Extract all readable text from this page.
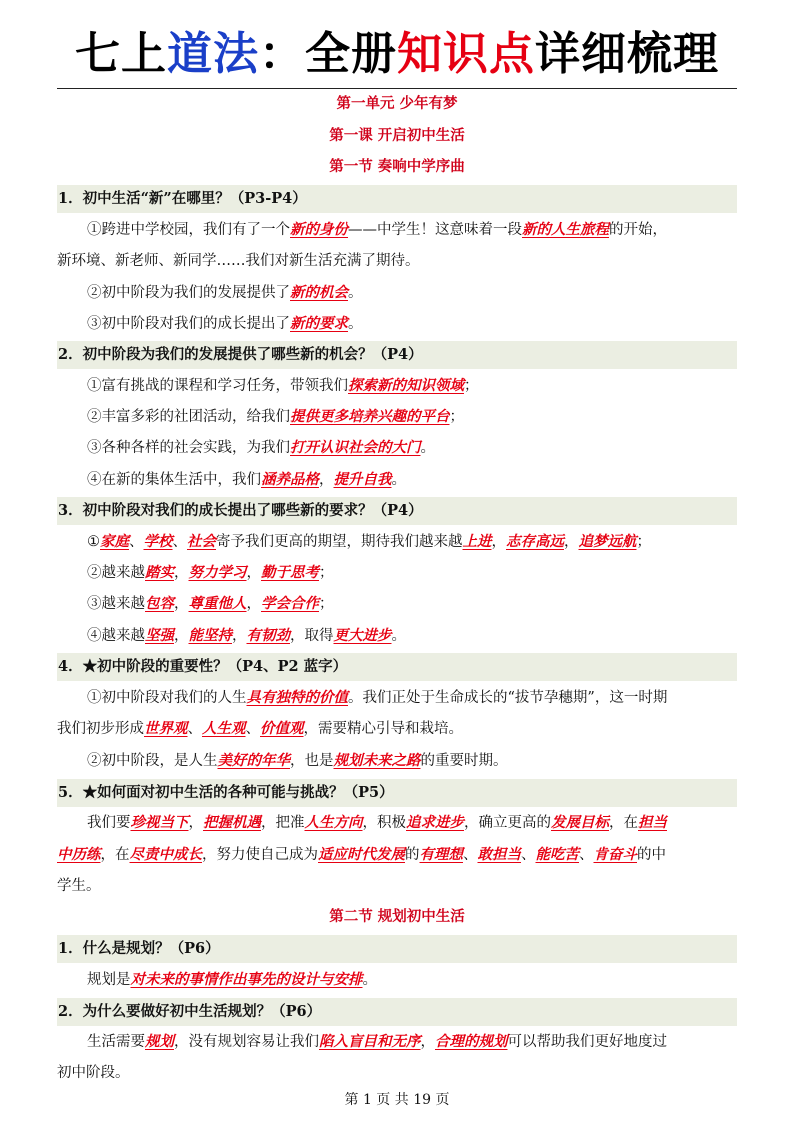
七上道法：全册知识点详细梳理
第一单元 少年有梦
第一课 开启初中生活
第一节 奏响中学序曲
1．初中生活“新”在哪里？（P3-P4）
①跨进中学校园，我们有了一个新的身份——中学生！这意味着一段新的人生旅程的开始，
新环境、新老师、新同学……我们对新生活充满了期待。
②初中阶段为我们的发展提供了新的机会。
③初中阶段对我们的成长提出了新的要求。
2．初中阶段为我们的发展提供了哪些新的机会？（P4）
①富有挑战的课程和学习任务，带领我们探索新的知识领域；
②丰富多彩的社团活动，给我们提供更多培养兴趣的平台；
③各种各样的社会实践，为我们打开认识社会的大门。
④在新的集体生活中，我们涵养品格，提升自我。
3．初中阶段对我们的成长提出了哪些新的要求？（P4）
①家庭、学校、社会寄予我们更高的期望，期待我们越来越上进，志存高远，追梦远航；
②越来越踏实，努力学习，勤于思考；
③越来越包容，尊重他人，学会合作；
④越来越坚强，能坚持，有韧劲，取得更大进步。
4．★初中阶段的重要性？（P4、P2 蓝字）
①初中阶段对我们的人生具有独特的价值。我们正处于生命成长的“拔节孕穗期”，这一时期
我们初步形成世界观、人生观、价值观，需要精心引导和栽培。
②初中阶段，是人生美好的年华，也是规划未来之路的重要时期。
5．★如何面对初中生活的各种可能与挑战？（P5）
我们要珍视当下，把握机遇，把准人生方向，积极追求进步，确立更高的发展目标，在担当
中历练，在尽责中成长，努力使自己成为适应时代发展的有理想、敢担当、能吃苦、肯奋斗的中
学生。
第二节 规划初中生活
1．什么是规划？（P6）
规划是对未来的事情作出事先的设计与安排。
2．为什么要做好初中生活规划？（P6）
生活需要规划，没有规划容易让我们陷入盲目和无序，合理的规划可以帮助我们更好地度过
初中阶段。
第 1 页 共 19 页
